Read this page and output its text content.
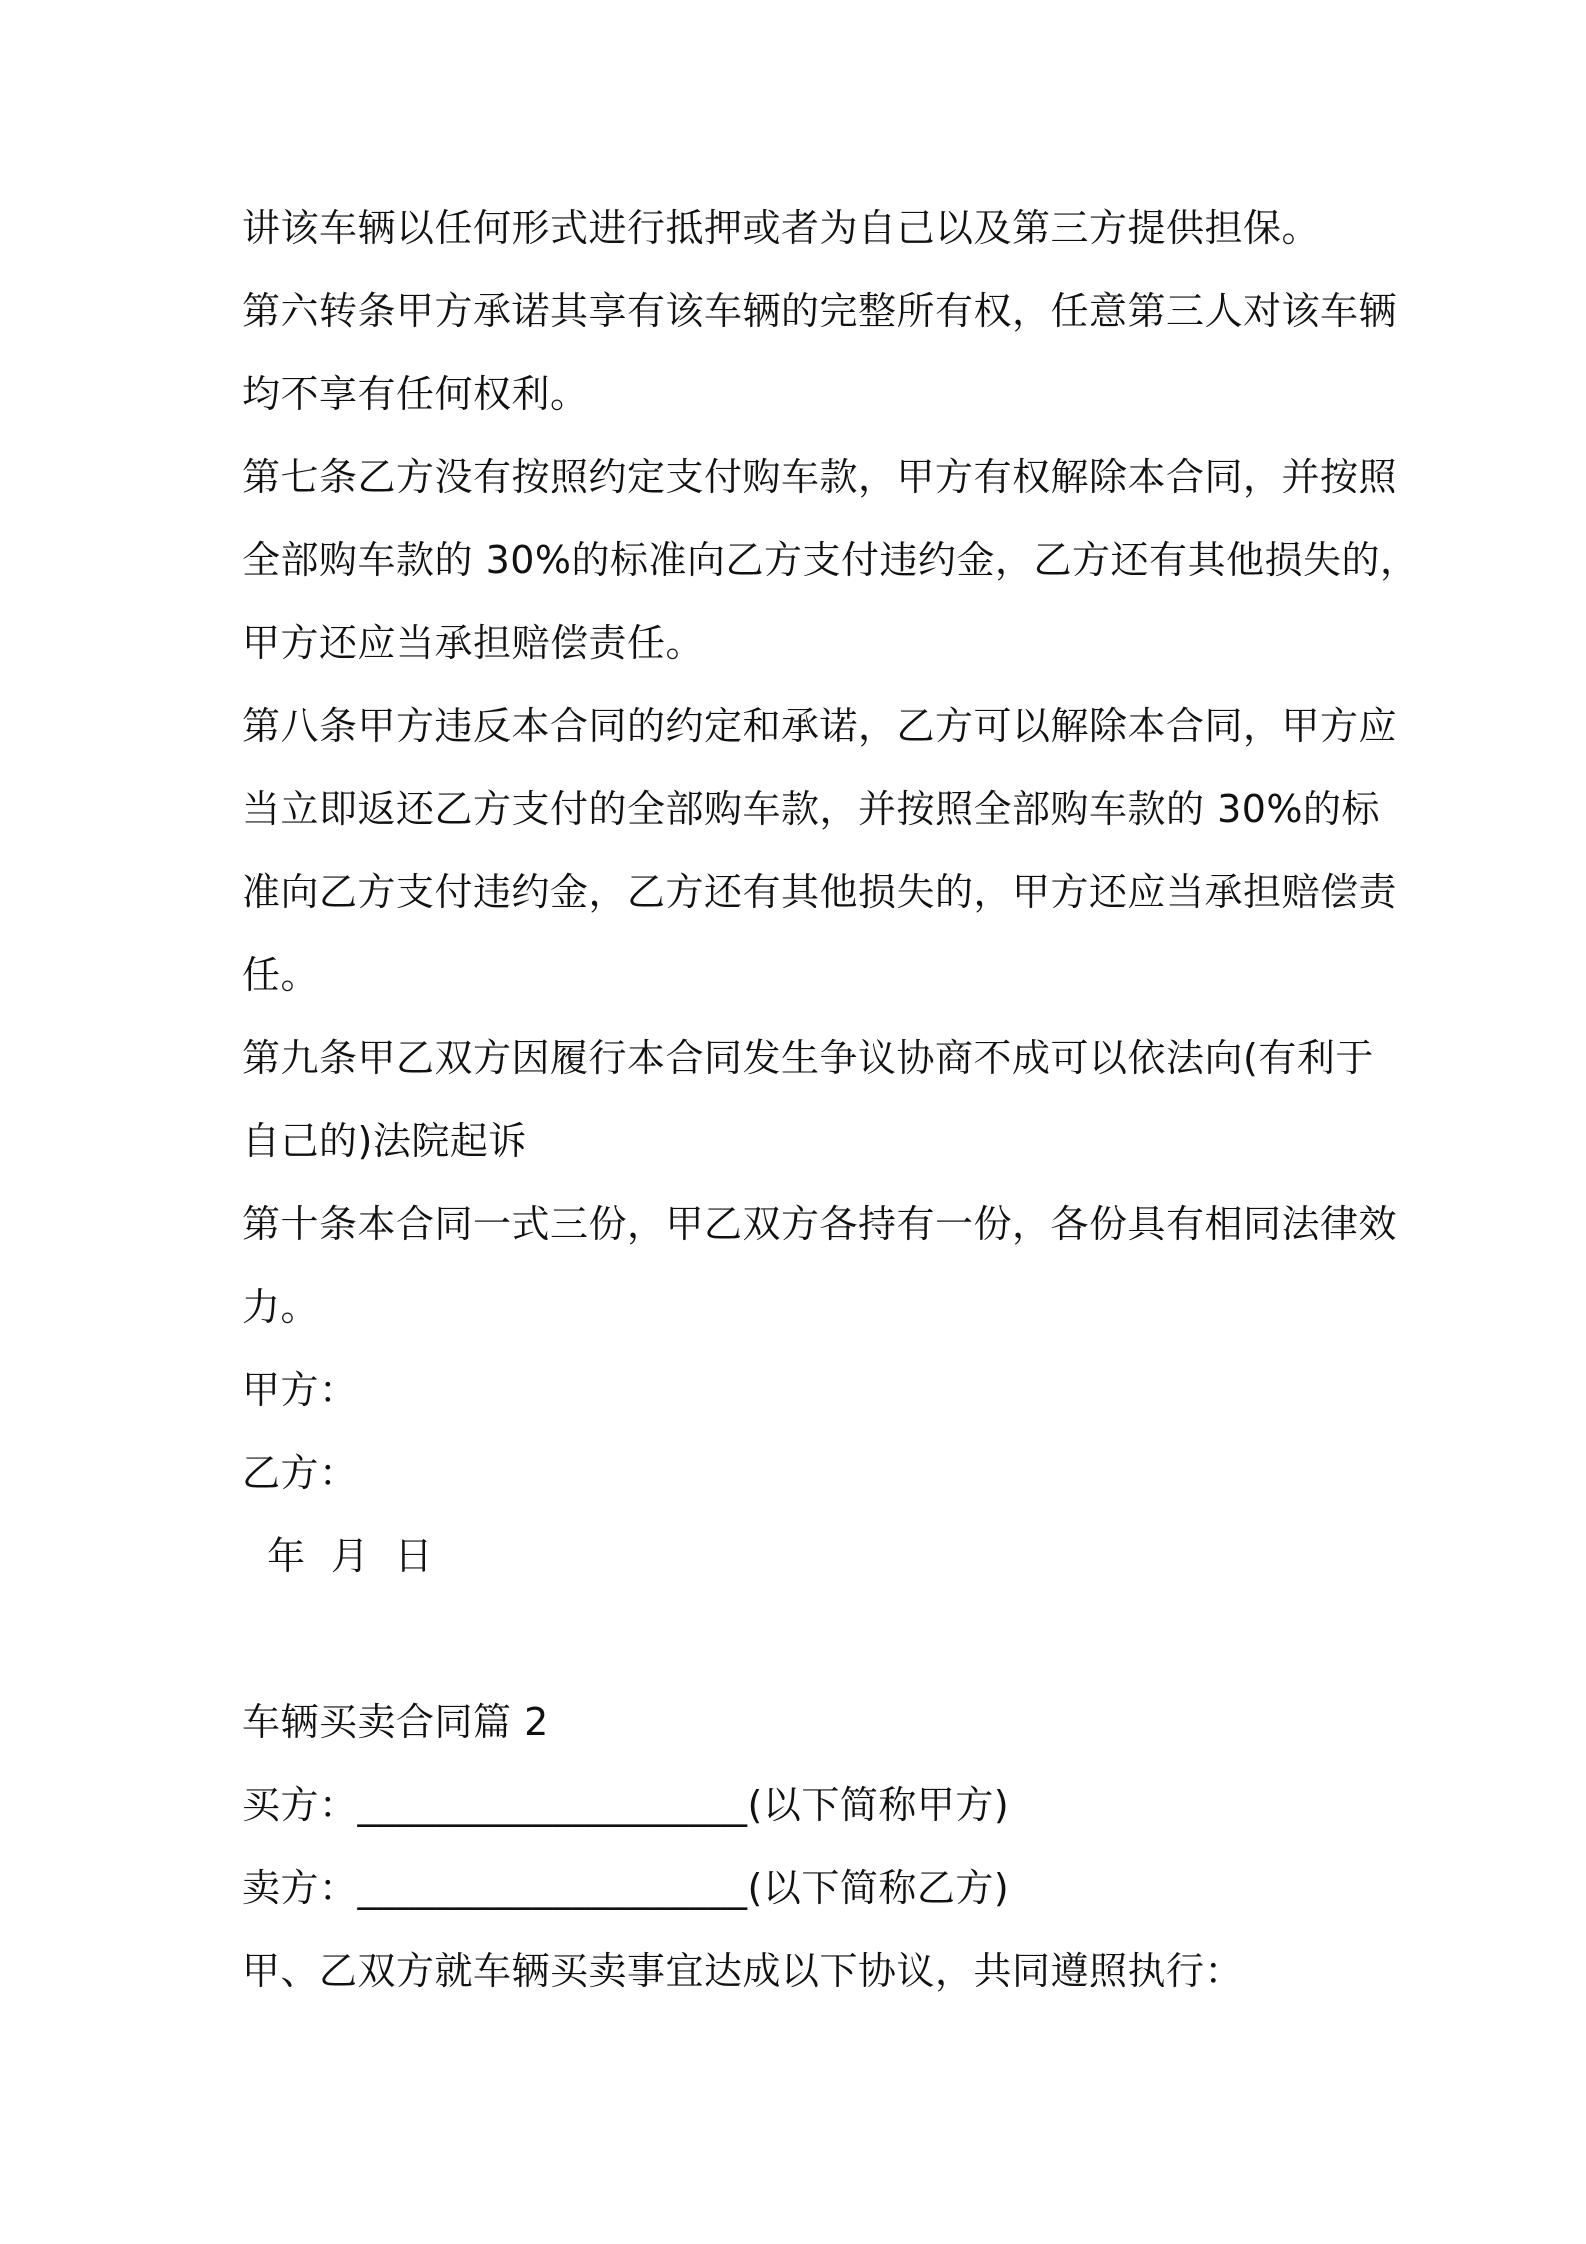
讲该车辆以任何形式进行抵押或者为自己以及第三方提供担保。
第六转条甲方承诺其享有该车辆的完整所有权，任意第三人对该车辆
均不享有任何权利。
第七条乙方没有按照约定支付购车款，甲方有权解除本合同，并按照
全部购车款的 30%的标准向乙方支付违约金，乙方还有其他损失的，
甲方还应当承担赔偿责任。
第八条甲方违反本合同的约定和承诺，乙方可以解除本合同，甲方应
当立即返还乙方支付的全部购车款，并按照全部购车款的 30%的标
准向乙方支付违约金，乙方还有其他损失的，甲方还应当承担赔偿责
任。
第九条甲乙双方因履行本合同发生争议协商不成可以依法向(有利于
自己的)法院起诉
第十条本合同一式三份，甲乙双方各持有一份，各份具有相同法律效
力。
甲方：
乙方：
年  月  日
车辆买卖合同篇 2
买方：____________________(以下简称甲方)
卖方：____________________(以下简称乙方)
甲、乙双方就车辆买卖事宜达成以下协议，共同遵照执行：
